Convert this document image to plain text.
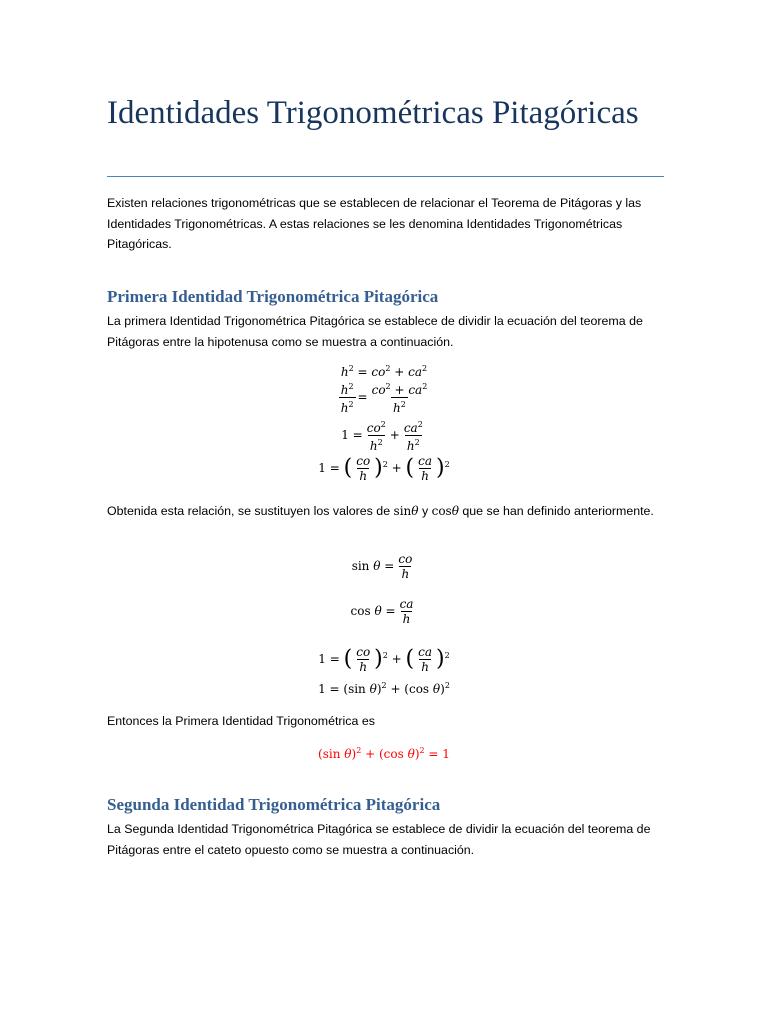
Identidades Trigonométricas Pitagóricas

Existen relaciones trigonométricas que se establecen de relacionar el Teorema de Pitágoras y las Identidades Trigonométricas. A estas relaciones se les denomina Identidades Trigonométricas Pitagóricas.

Primera Identidad Trigonométrica Pitagórica

La primera Identidad Trigonométrica Pitagórica se establece de dividir la ecuación del teorema de Pitágoras entre la hipotenusa como se muestra a continuación.

$h^2 = co^2 + ca^2$
$\frac{h^2}{h^2} = \frac{co^2 + ca^2}{h^2}$
$1 = \frac{co^2}{h^2} + \frac{ca^2}{h^2}$
1 = ( $\frac{co}{h} )^2$ + ( $\frac{ca}{h} )^2$

Obtenida esta relación, se sustituyen los valores de sinθ y cosθ que se han definido anteriormente.

$\sin \theta = \frac{co}{h}$
$\cos \theta = \frac{ca}{h}$
1 = ( $\frac{co}{h} )^2$ + ( $\frac{ca}{h} )^2$
1 = (sin θ)$^2$ + (cos θ)$^2$

Entonces la Primera Identidad Trigonométrica es

(sin θ)$^2$ + (cos θ)$^2$ = 1
Segunda Identidad Trigonométrica Pitagórica

La Segunda Identidad Trigonométrica Pitagórica se establece de dividir la ecuación del teorema de Pitágoras entre el cateto opuesto como se muestra a continuación.
